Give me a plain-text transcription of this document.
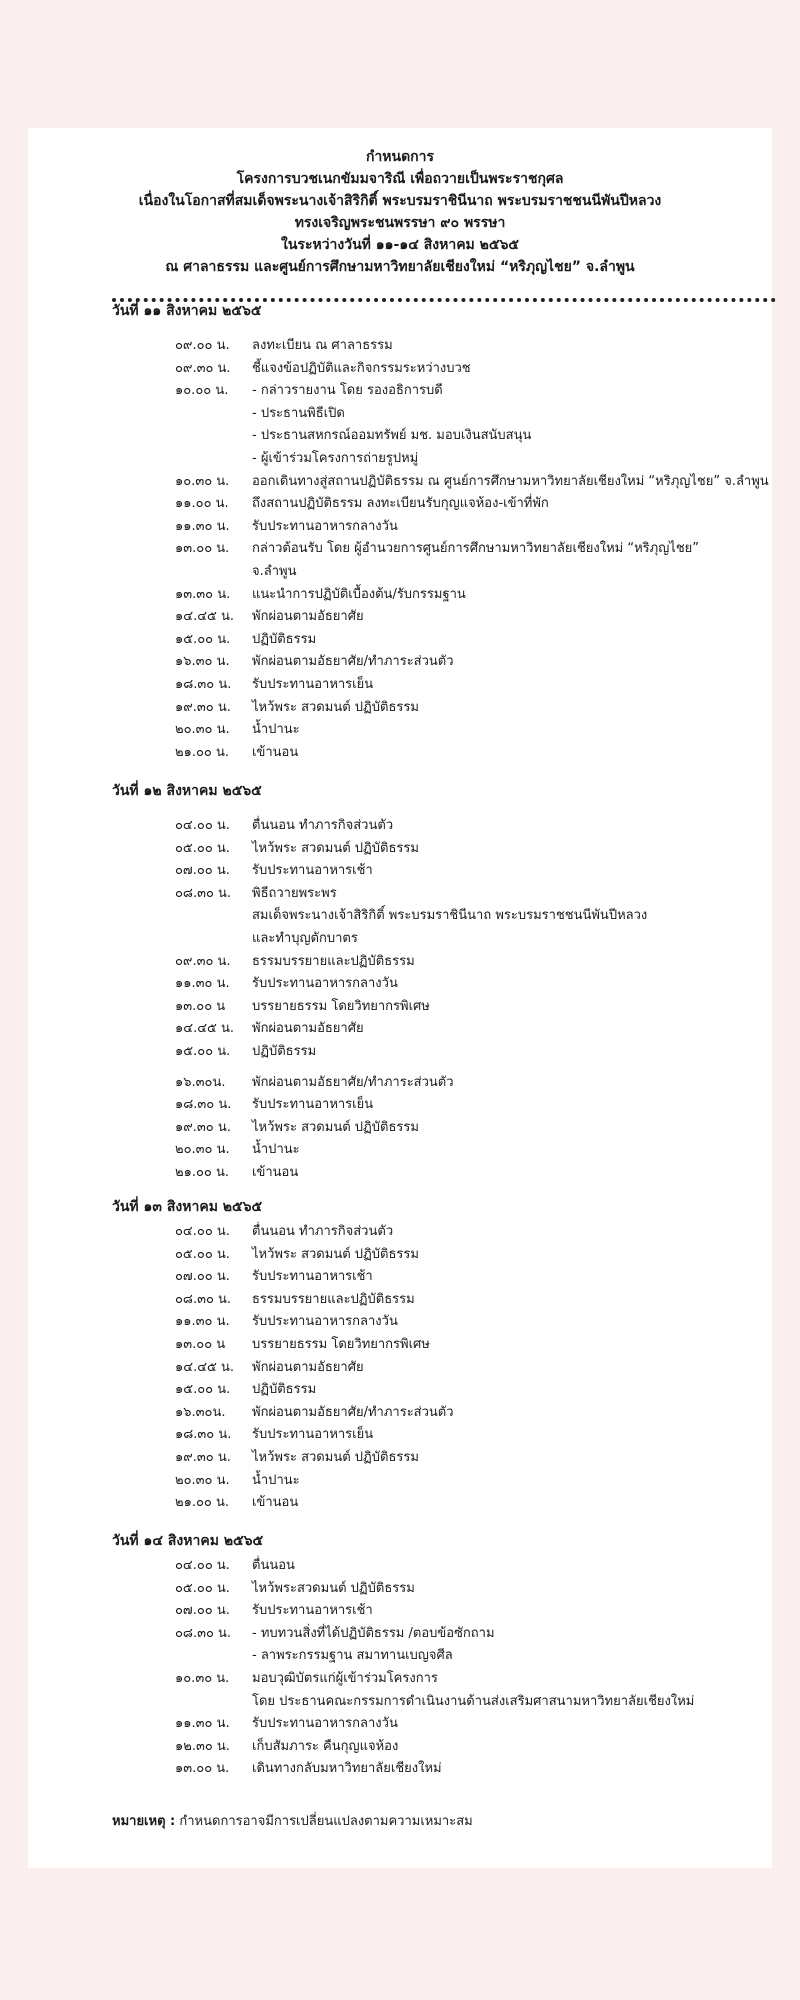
กำหนดการ
โครงการบวชเนกขัมมจาริณี เพื่อถวายเป็นพระราชกุศล
เนื่องในโอกาสที่สมเด็จพระนางเจ้าสิริกิติ์ พระบรมราชินีนาถ พระบรมราชชนนีพันปีหลวง
ทรงเจริญพระชนพรรษา ๙๐ พรรษา
ในระหว่างวันที่ ๑๑-๑๔ สิงหาคม ๒๕๖๕
ณ ศาลาธรรม และศูนย์การศึกษามหาวิทยาลัยเชียงใหม่ “หริภุญไชย” จ.ลำพูน
วันที่ ๑๑ สิงหาคม ๒๕๖๕
๐๙.๐๐ น. ลงทะเบียน ณ ศาลาธรรม
๐๙.๓๐ น. ชี้แจงข้อปฏิบัติและกิจกรรมระหว่างบวช
๑๐.๐๐ น. - กล่าวรายงาน โดย รองอธิการบดี
- ประธานพิธีเปิด
- ประธานสหกรณ์ออมทรัพย์ มช. มอบเงินสนับสนุน
- ผู้เข้าร่วมโครงการถ่ายรูปหมู่
๑๐.๓๐ น. ออกเดินทางสู่สถานปฏิบัติธรรม ณ ศูนย์การศึกษามหาวิทยาลัยเชียงใหม่ “หริภุญไชย” จ.ลำพูน
๑๑.๐๐ น. ถึงสถานปฏิบัติธรรม ลงทะเบียนรับกุญแจห้อง-เข้าที่พัก
๑๑.๓๐ น. รับประทานอาหารกลางวัน
๑๓.๐๐ น. กล่าวต้อนรับ โดย ผู้อำนวยการศูนย์การศึกษามหาวิทยาลัยเชียงใหม่ “หริภุญไชย”
จ.ลำพูน
๑๓.๓๐ น. แนะนำการปฏิบัติเบื้องต้น/รับกรรมฐาน
๑๔.๔๕ น. พักผ่อนตามอัธยาศัย
๑๕.๐๐ น. ปฏิบัติธรรม
๑๖.๓๐ น. พักผ่อนตามอัธยาศัย/ทำภาระส่วนตัว
๑๘.๓๐ น. รับประทานอาหารเย็น
๑๙.๓๐ น. ไหว้พระ สวดมนต์ ปฏิบัติธรรม
๒๐.๓๐ น. น้ำปานะ
๒๑.๐๐ น. เข้านอน
วันที่ ๑๒ สิงหาคม ๒๕๖๕
๐๔.๐๐ น. ตื่นนอน ทำภารกิจส่วนตัว
๐๕.๐๐ น. ไหว้พระ สวดมนต์ ปฏิบัติธรรม
๐๗.๐๐ น. รับประทานอาหารเช้า
๐๘.๓๐ น. พิธีถวายพระพร
สมเด็จพระนางเจ้าสิริกิติ์ พระบรมราชินีนาถ พระบรมราชชนนีพันปีหลวง
และทำบุญตักบาตร
๐๙.๓๐ น. ธรรมบรรยายและปฏิบัติธรรม
๑๑.๓๐ น. รับประทานอาหารกลางวัน
๑๓.๐๐ น บรรยายธรรม โดยวิทยากรพิเศษ
๑๔.๔๕ น. พักผ่อนตามอัธยาศัย
๑๕.๐๐ น. ปฏิบัติธรรม
๑๖.๓๐น. พักผ่อนตามอัธยาศัย/ทำภาระส่วนตัว
๑๘.๓๐ น. รับประทานอาหารเย็น
๑๙.๓๐ น. ไหว้พระ สวดมนต์ ปฏิบัติธรรม
๒๐.๓๐ น. น้ำปานะ
๒๑.๐๐ น. เข้านอน
วันที่ ๑๓ สิงหาคม ๒๕๖๕
๐๔.๐๐ น. ตื่นนอน ทำภารกิจส่วนตัว
๐๕.๐๐ น. ไหว้พระ สวดมนต์ ปฏิบัติธรรม
๐๗.๐๐ น. รับประทานอาหารเช้า
๐๘.๓๐ น. ธรรมบรรยายและปฏิบัติธรรม
๑๑.๓๐ น. รับประทานอาหารกลางวัน
๑๓.๐๐ น บรรยายธรรม โดยวิทยากรพิเศษ
๑๔.๔๕ น. พักผ่อนตามอัธยาศัย
๑๕.๐๐ น. ปฏิบัติธรรม
๑๖.๓๐น. พักผ่อนตามอัธยาศัย/ทำภาระส่วนตัว
๑๘.๓๐ น. รับประทานอาหารเย็น
๑๙.๓๐ น. ไหว้พระ สวดมนต์ ปฏิบัติธรรม
๒๐.๓๐ น. น้ำปานะ
๒๑.๐๐ น. เข้านอน
วันที่ ๑๔ สิงหาคม ๒๕๖๕
๐๔.๐๐ น. ตื่นนอน
๐๕.๐๐ น. ไหว้พระสวดมนต์ ปฏิบัติธรรม
๐๗.๐๐ น. รับประทานอาหารเช้า
๐๘.๓๐ น. - ทบทวนสิ่งที่ได้ปฏิบัติธรรม /ตอบข้อซักถาม
- ลาพระกรรมฐาน สมาทานเบญจศีล
๑๐.๓๐ น. มอบวุฒิบัตรแก่ผู้เข้าร่วมโครงการ
โดย ประธานคณะกรรมการดำเนินงานด้านส่งเสริมศาสนามหาวิทยาลัยเชียงใหม่
๑๑.๓๐ น. รับประทานอาหารกลางวัน
๑๒.๓๐ น. เก็บสัมภาระ คืนกุญแจห้อง
๑๓.๐๐ น. เดินทางกลับมหาวิทยาลัยเชียงใหม่
หมายเหตุ : กำหนดการอาจมีการเปลี่ยนแปลงตามความเหมาะสม
